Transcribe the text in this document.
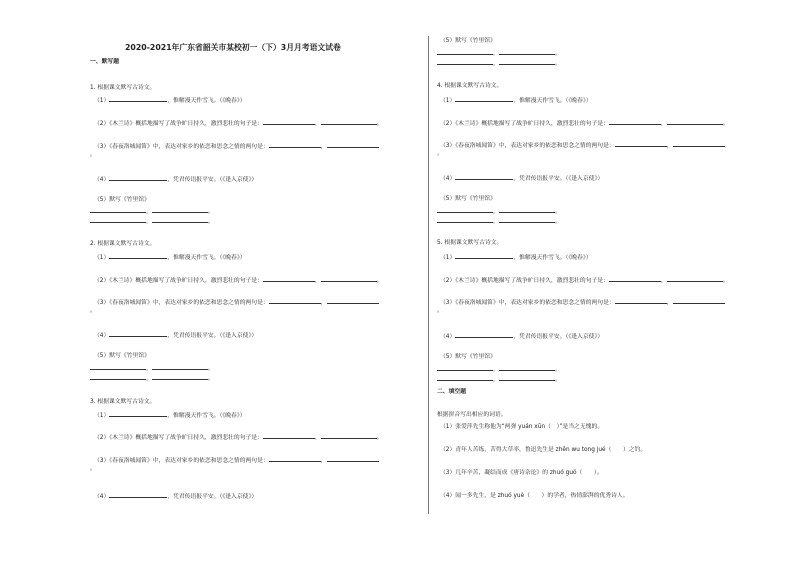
2020-2021年广东省韶关市某校初一（下）3月月考语文试卷
一、默写题
1. 根据课文默写古诗文。
（1）	，惟解漫天作雪飞。（《晚春》）
（2）《木兰诗》概括地描写了战争旷日持久，激烈悲壮的句子是：	，	。
（3）《春夜洛城闻笛》中，表达对家乡的依恋和思念之情的两句是：	，
。
（4）	，凭君传语报平安。（《逢入京使》）
（5）默写《竹里馆》
，	。
，	。
2. 根据课文默写古诗文。
（1）	，惟解漫天作雪飞。（《晚春》）
（2）《木兰诗》概括地描写了战争旷日持久，激烈悲壮的句子是：	，	。
（3）《春夜洛城闻笛》中，表达对家乡的依恋和思念之情的两句是：	，
。
（4）	，凭君传语报平安。（《逢入京使》）
（5）默写《竹里馆》
，	。
，	。
3. 根据课文默写古诗文。
（1）	，惟解漫天作雪飞。（《晚春》）
（2）《木兰诗》概括地描写了战争旷日持久，激烈悲壮的句子是：	，	。
（3）《春夜洛城闻笛》中，表达对家乡的依恋和思念之情的两句是：	，
。
（4）	，凭君传语报平安。（《逢入京使》）
（5）默写《竹里馆》
，	。
，	。
4. 根据课文默写古诗文。
（1）	，惟解漫天作雪飞。（《晚春》）
（2）《木兰诗》概括地描写了战争旷日持久，激烈悲壮的句子是：	，	。
（3）《春夜洛城闻笛》中，表达对家乡的依恋和思念之情的两句是：	，
。
（4）	，凭君传语报平安。（《逢入京使》）
（5）默写《竹里馆》
，	。
，	。
5. 根据课文默写古诗文。
（1）	，惟解漫天作雪飞。（《晚春》）
（2）《木兰诗》概括地描写了战争旷日持久，激烈悲壮的句子是：	，	。
（3）《春夜洛城闻笛》中，表达对家乡的依恋和思念之情的两句是：	，
。
（4）	，凭君传语报平安。（《逢入京使》）
（5）默写《竹里馆》
，	。
，	。
二、填空题
根据拼音写出相应的词语。
（1）张爱萍先生称他为“两弹 yuán xūn（　）”是当之无愧的。
（2）青年人苦练，苦得大草率，鲁迅先生是 zhēn wu tong jué（　　）之钓。
（3）几年辛苦，凝结而成《唐诗杂论》的 zhuó guó（　　）。
（4）闻一多先生，是 zhuó yuè（　　）的学者，热情澎湃的优秀诗人。
